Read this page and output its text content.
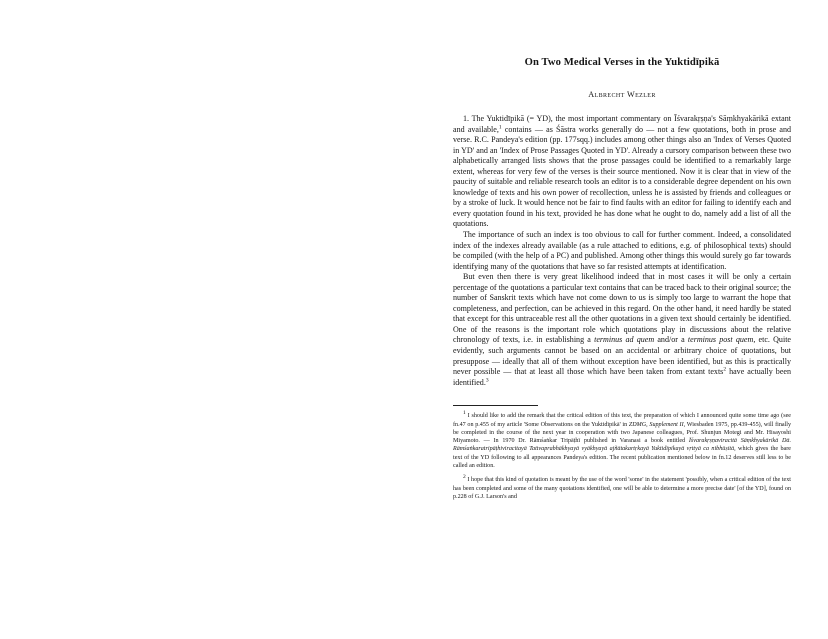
On Two Medical Verses in the Yuktidīpikā
Albrecht Wezler

1. The Yuktidīpikā (= YD), the most important commentary on Īśvarakṛṣṇa's Sāṃkhyakārikā extant and available,$^1$ contains — as Śāstra works generally do — not a few quotations, both in prose and verse. R.C. Pandeya's edition (pp. 177sqq.) includes among other things also an 'Index of Verses Quoted in YD' and an 'Index of Prose Passages Quoted in YD'. Already a cursory comparison between these two alphabetically arranged lists shows that the prose passages could be identified to a remarkably large extent, whereas for very few of the verses is their source mentioned. Now it is clear that in view of the paucity of suitable and reliable research tools an editor is to a considerable degree dependent on his own knowledge of texts and his own power of recollection, unless he is assisted by friends and colleagues or by a stroke of luck. It would hence not be fair to find faults with an editor for failing to identify each and every quotation found in his text, provided he has done what he ought to do, namely add a list of all the quotations.

The importance of such an index is too obvious to call for further comment. Indeed, a consolidated index of the indexes already available (as a rule attached to editions, e.g. of philosophical texts) should be compiled (with the help of a PC) and published. Among other things this would surely go far towards identifying many of the quotations that have so far resisted attempts at identification.

But even then there is very great likelihood indeed that in most cases it will be only a certain percentage of the quotations a particular text contains that can be traced back to their original source; the number of Sanskrit texts which have not come down to us is simply too large to warrant the hope that completeness, and perfection, can be achieved in this regard. On the other hand, it need hardly be stated that except for this untraceable rest all the other quotations in a given text should certainly be identified. One of the reasons is the important role which quotations play in discussions about the relative chronology of texts, i.e. in establishing a terminus ad quem and/or a terminus post quem, etc. Quite evidently, such arguments cannot be based on an accidental or arbitrary choice of quotations, but presuppose — ideally that all of them without exception have been identified, but as this is practically never possible — that at least all those which have been taken from extant texts$^2$ have actually been identified.$^3$

$^1$ I should like to add the remark that the critical edition of this text, the preparation of which I announced quite some time ago (see fn.47 on p.455 of my article 'Some Observations on the Yuktidīpikā' in ZDMG, Supplement II, Wiesbaden 1975, pp.439-455), will finally be completed in the course of the next year in cooperation with two Japanese colleagues, Prof. Shunjun Motegi and Mr. Hisayoshi Miyamoto. — In 1970 Dr. Rāmśaṅkar Tripāṭhī published in Varanasi a book entitled Īśvarakṛṣṇaviracitā Sāṃkhyakārikā Dā. Rāmśaṅkaratripāṭhiviracitayā Tattvaprabhākhyayā vyākhyayā ajñātakartṛkayā Yuktidīpikayā vṛttyā ca nibhūṣitā, which gives the bare text of the YD following to all appearances Pandeya's edition. The recent publication mentioned below in fn.12 deserves still less to be called an edition.

$^2$ I hope that this kind of quotation is meant by the use of the word 'some' in the statement 'possibly, when a critical edition of the text has been completed and some of the many quotations identified, one will be able to determine a more precise date' [of the YD], found on p.228 of G.J. Larson's and
